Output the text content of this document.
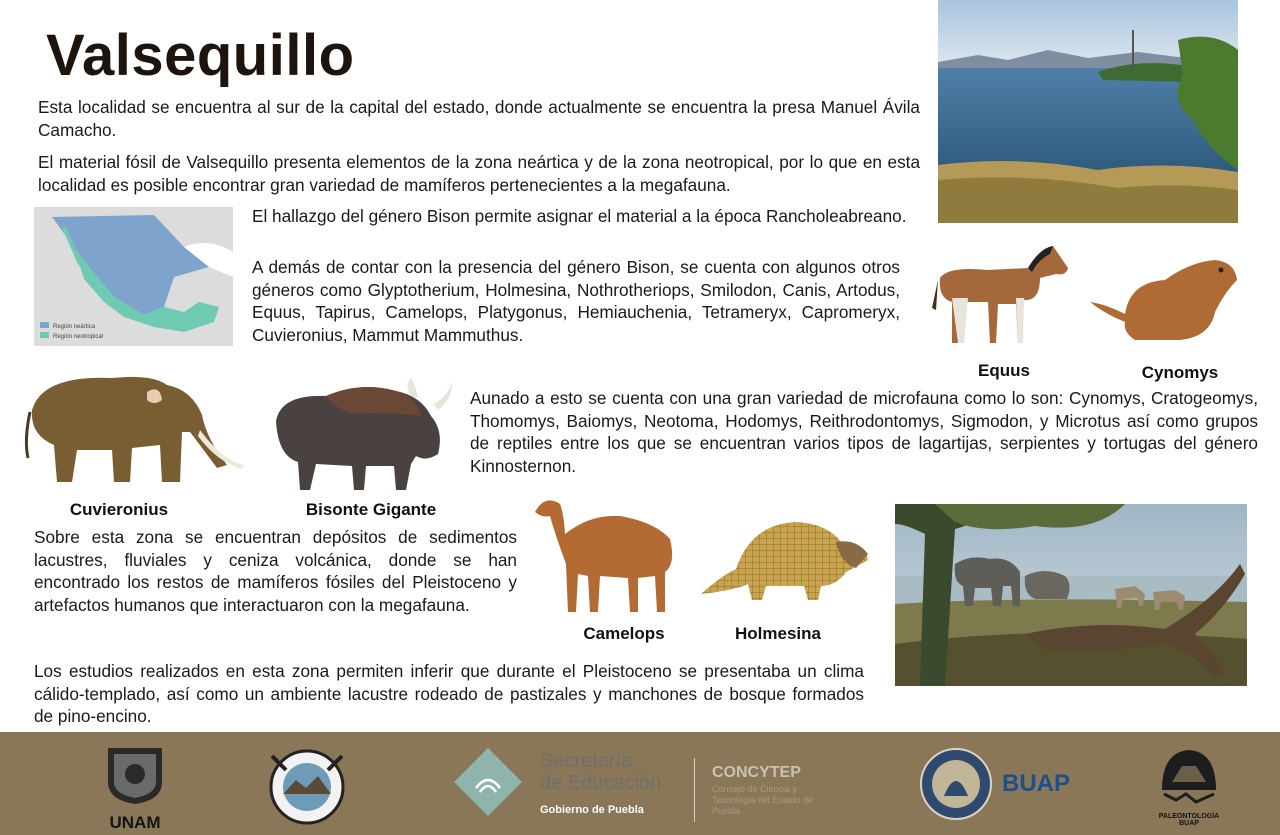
Valsequillo

Esta localidad se encuentra al sur de la capital del estado, donde actualmente se encuentra la presa Manuel Ávila Camacho.

El material fósil de Valsequillo presenta elementos de la zona neártica y de la zona neotropical, por lo que en esta localidad es posible encontrar gran variedad de mamíferos pertenecientes a la megafauna.

El hallazgo del género Bison permite asignar el material a la época Rancholeabreano.

A demás de contar con la presencia del género Bison, se cuenta con algunos otros géneros como Glyptotherium, Holmesina, Nothrotheriops, Smilodon, Canis, Artodus, Equus, Tapirus, Camelops, Platygonus, Hemiauchenia, Tetrameryx, Capromeryx, Cuvieronius, Mammut Mammuthus.

Aunado a esto se cuenta con una gran variedad de microfauna como lo son: Cynomys, Cratogeomys, Thomomys, Baiomys, Neotoma, Hodomys, Reithrodontomys, Sigmodon, y Microtus así como grupos de reptiles entre los que se encuentran varios tipos de lagartijas, serpientes y tortugas del género Kinnosternon.

Sobre esta zona se encuentran depósitos de sedimentos lacustres, fluviales y ceniza volcánica, donde se han encontrado los restos de mamíferos fósiles del Pleistoceno y artefactos humanos que interactuaron con la megafauna.

Los estudios realizados en esta zona permiten inferir que durante el Pleistoceno se presentaba un clima cálido-templado, así como un ambiente lacustre rodeado de pastizales y manchones de bosque formados de pino-encino.

Región neártica
Región neotropical
Equus	Cynomys
Cuvieronius	Bisonte Gigante
Camelops	Holmesina
UNAM
Secretaría
de Educación
Gobierno de Puebla
CONCYTEP
Consejo de Ciencia y Tecnología del Estado de Puebla
BUAP
PALEONTOLOGÍA BUAP
